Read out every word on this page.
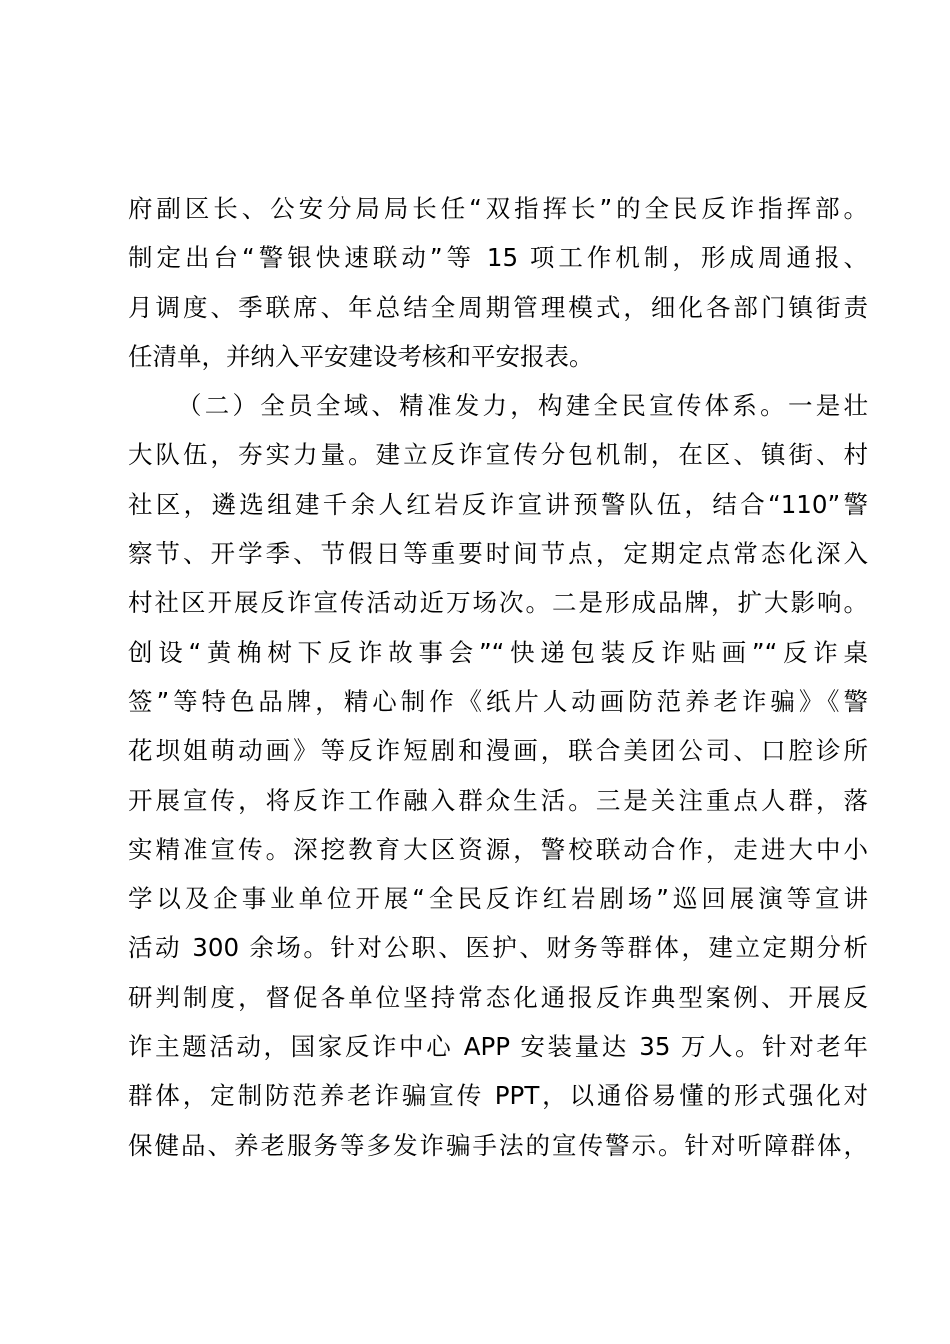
府副区长、公安分局局长任“双指挥长”的全民反诈指挥部。
制定出台“警银快速联动”等 15 项工作机制，形成周通报、
月调度、季联席、年总结全周期管理模式，细化各部门镇街责
任清单，并纳入平安建设考核和平安报表。
（二）全员全域、精准发力，构建全民宣传体系。一是壮
大队伍，夯实力量。建立反诈宣传分包机制，在区、镇街、村
社区，遴选组建千余人红岩反诈宣讲预警队伍，结合“110”警
察节、开学季、节假日等重要时间节点，定期定点常态化深入
村社区开展反诈宣传活动近万场次。二是形成品牌，扩大影响。
创设“黄桷树下反诈故事会”“快递包装反诈贴画”“反诈桌
签”等特色品牌，精心制作《纸片人动画防范养老诈骗》《警
花坝姐萌动画》等反诈短剧和漫画，联合美团公司、口腔诊所
开展宣传，将反诈工作融入群众生活。三是关注重点人群，落
实精准宣传。深挖教育大区资源，警校联动合作，走进大中小
学以及企事业单位开展“全民反诈红岩剧场”巡回展演等宣讲
活动 300 余场。针对公职、医护、财务等群体，建立定期分析
研判制度，督促各单位坚持常态化通报反诈典型案例、开展反
诈主题活动，国家反诈中心 APP 安装量达 35 万人。针对老年
群体，定制防范养老诈骗宣传 PPT，以通俗易懂的形式强化对
保健品、养老服务等多发诈骗手法的宣传警示。针对听障群体，
